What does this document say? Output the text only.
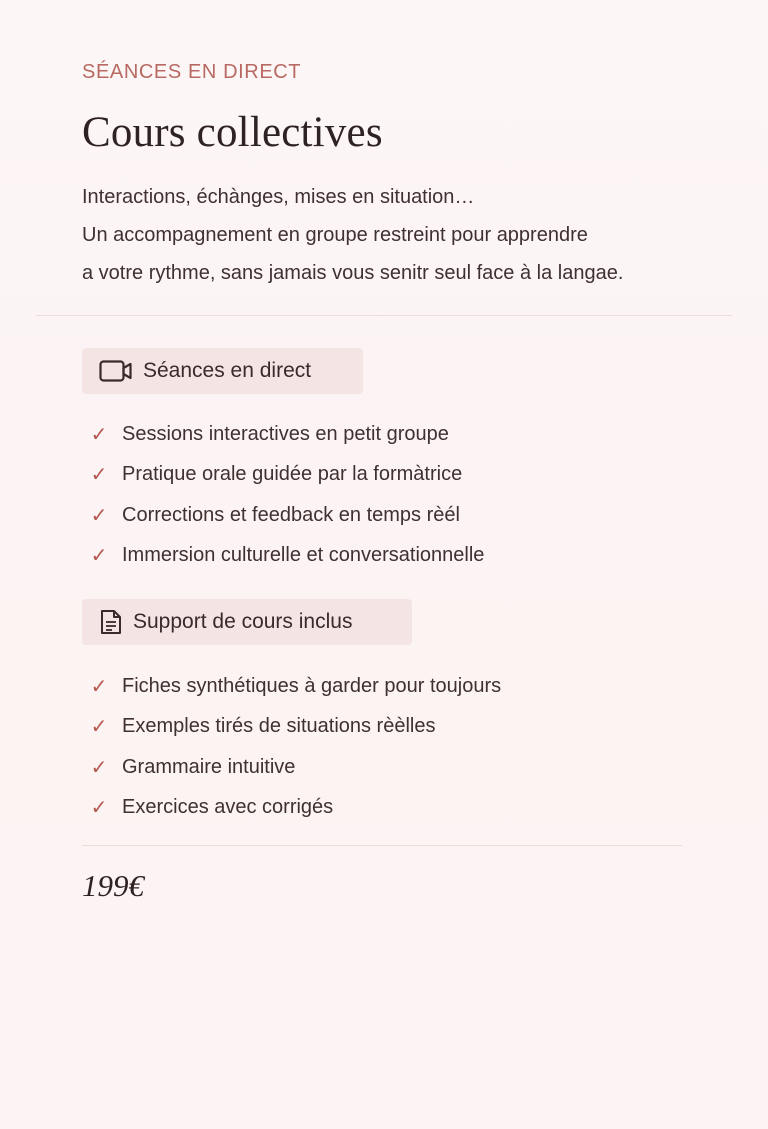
SÉANCES EN DIRECT
Cours collectives
Interactions, échànges, mises en situation…
Un accompagnement en groupe restreint pour apprendre
a votre rythme, sans jamais vous senitr seul face à la langae.
Séances en direct
✓ Sessions interactives en petit groupe
✓ Pratique orale guidée par la formàtrice
✓ Corrections et feedback en temps rèél
✓ Immersion culturelle et conversationnelle
Support de cours inclus
✓ Fiches synthétiques à garder pour toujours
✓ Exemples tirés de situations rèèlles
✓ Grammaire intuitive
✓ Exercices avec corrigés
199€
